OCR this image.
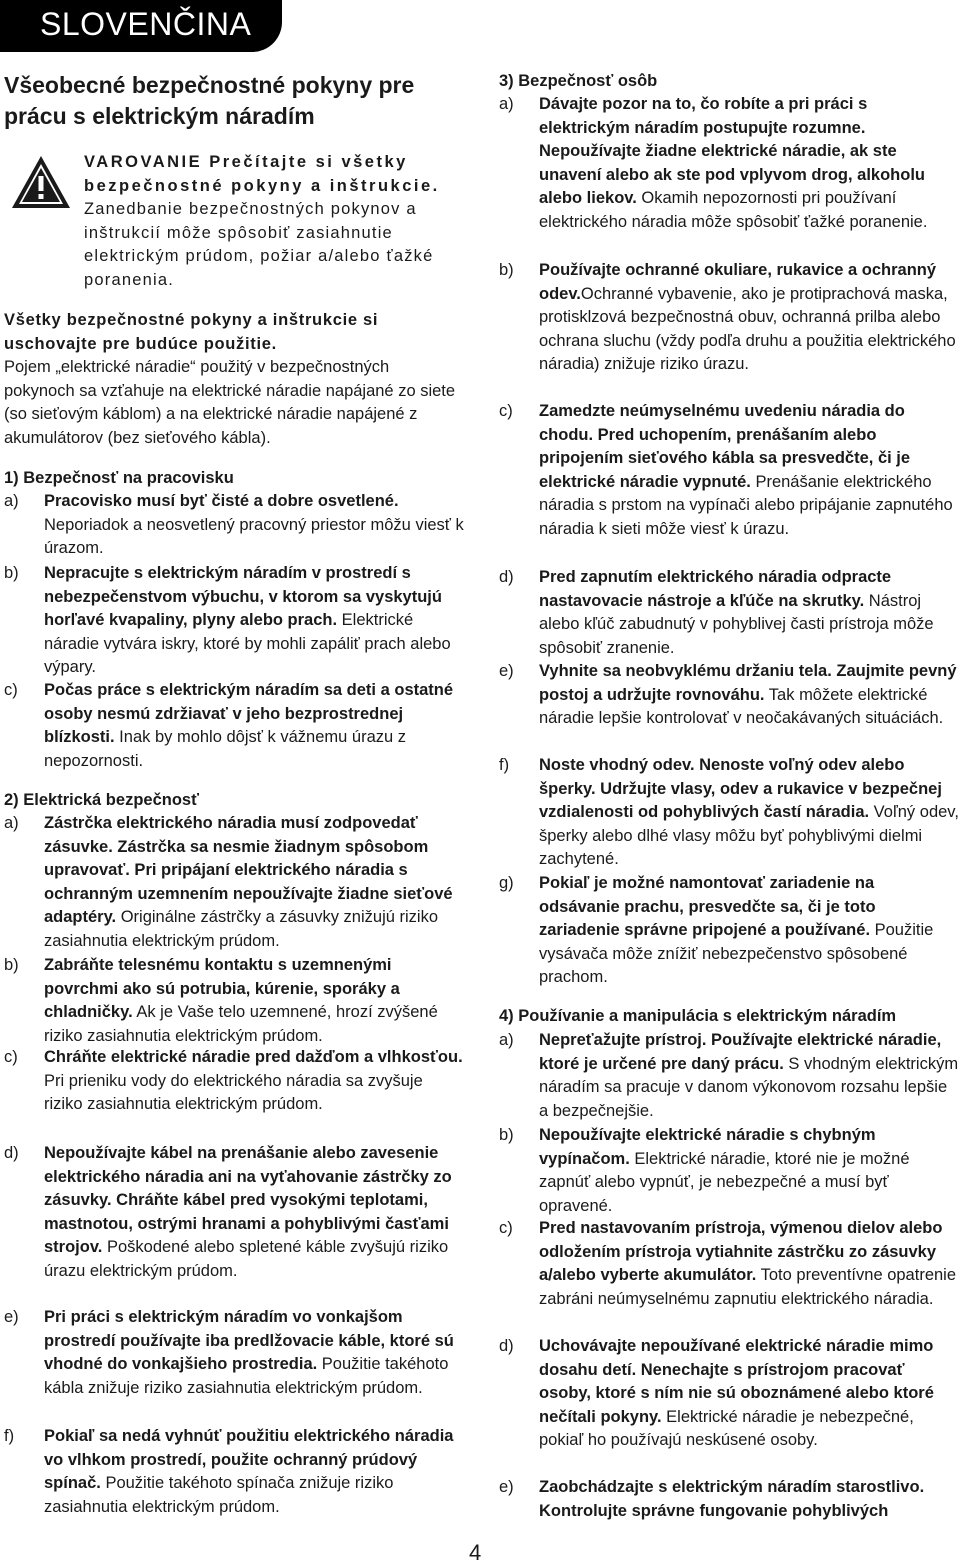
SLOVENČINA
Všeobecné bezpečnostné pokyny pre prácu s elektrickým náradím
VAROVANIE Prečítajte si všetky bezpečnostné pokyny a inštrukcie. Zanedbanie bezpečnostných pokynov a inštrukcií môže spôsobiť zasiahnutie elektrickým prúdom, požiar a/alebo ťažké poranenia.
Všetky bezpečnostné pokyny a inštrukcie si uschovajte pre budúce použitie.
Pojem „elektrické náradie“ použitý v bezpečnostných pokynoch sa vzťahuje na elektrické náradie napájané zo siete (so sieťovým káblom) a na elektrické náradie napájené z akumulátorov (bez sieťového kábla).
1) Bezpečnosť na pracovisku
a)	Pracovisko musí byť čisté a dobre osvetlené. Neporiadok a neosvetlený pracovný priestor môžu viesť k úrazom.
b)	Nepracujte s elektrickým náradím v prostredí s nebezpečenstvom výbuchu, v ktorom sa vyskytujú horľavé kvapaliny, plyny alebo prach. Elektrické náradie vytvára iskry, ktoré by mohli zapáliť prach alebo výpary.
c)	Počas práce s elektrickým náradím sa deti a ostatné osoby nesmú zdržiavať v jeho bezprostrednej blízkosti. Inak by mohlo dôjsť k vážnemu úrazu z nepozornosti.
2) Elektrická bezpečnosť
a)	Zástrčka elektrického náradia musí zodpovedať zásuvke. Zástrčka sa nesmie žiadnym spôsobom upravovať. Pri pripájaní elektrického náradia s ochranným uzemnením nepoužívajte žiadne sieťové adaptéry. Originálne zástrčky a zásuvky znižujú riziko zasiahnutia elektrickým prúdom.
b)	Zabráňte telesnému kontaktu s uzemnenými povrchmi ako sú potrubia, kúrenie, sporáky a chladničky. Ak je Vaše telo uzemnené, hrozí zvýšené riziko zasiahnutia elektrickým prúdom.
c)	Chráňte elektrické náradie pred dažďom a vlhkosťou. Pri prieniku vody do elektrického náradia sa zvyšuje riziko zasiahnutia elektrickým prúdom.
d)	Nepoužívajte kábel na prenášanie alebo zavesenie elektrického náradia ani na vyťahovanie zástrčky zo zásuvky. Chráňte kábel pred vysokými teplotami, mastnotou, ostrými hranami a pohyblivými časťami strojov. Poškodené alebo spletené káble zvyšujú riziko úrazu elektrickým prúdom.
e)	Pri práci s elektrickým náradím vo vonkajšom prostredí používajte iba predlžovacie káble, ktoré sú vhodné do vonkajšieho prostredia. Použitie takéhoto kábla znižuje riziko zasiahnutia elektrickým prúdom.
f)	Pokiaľ sa nedá vyhnúť použitiu elektrického náradia vo vlhkom prostredí, použite ochranný prúdový spínač. Použitie takéhoto spínača znižuje riziko zasiahnutia elektrickým prúdom.
3) Bezpečnosť osôb
a)	Dávajte pozor na to, čo robíte a pri práci s elektrickým náradím postupujte rozumne. Nepoužívajte žiadne elektrické náradie, ak ste unavení alebo ak ste pod vplyvom drog, alkoholu alebo liekov. Okamih nepozornosti pri používaní elektrického náradia môže spôsobiť ťažké poranenie.
b)	Používajte ochranné okuliare, rukavice a ochranný odev.Ochranné vybavenie, ako je protiprachová maska, protisklzová bezpečnostná obuv, ochranná prilba alebo ochrana sluchu (vždy podľa druhu a použitia elektrického náradia) znižuje riziko úrazu.
c)	Zamedzte neúmyselnému uvedeniu náradia do chodu. Pred uchopením, prenášaním alebo pripojením sieťového kábla sa presvedčte, či je elektrické náradie vypnuté. Prenášanie elektrického náradia s prstom na vypínači alebo pripájanie zapnutého náradia k sieti môže viesť k úrazu.
d)	Pred zapnutím elektrického náradia odpracte nastavovacie nástroje a kľúče na skrutky. Nástroj alebo kľúč zabudnutý v pohyblivej časti prístroja môže spôsobiť zranenie.
e)	Vyhnite sa neobvyklému držaniu tela. Zaujmite pevný postoj a udržujte rovnováhu. Tak môžete elektrické náradie lepšie kontrolovať v neočakávaných situáciách.
f)	Noste vhodný odev. Nenoste voľný odev alebo šperky. Udržujte vlasy, odev a rukavice v bezpečnej vzdialenosti od pohyblivých častí náradia. Voľný odev, šperky alebo dlhé vlasy môžu byť pohyblivými dielmi zachytené.
g)	Pokiaľ je možné namontovať zariadenie na odsávanie prachu, presvedčte sa, či je toto zariadenie správne pripojené a používané. Použitie vysávača môže znížiť nebezpečenstvo spôsobené prachom.
4) Používanie a manipulácia s elektrickým náradím
a)	Nepreťažujte prístroj. Používajte elektrické náradie, ktoré je určené pre daný prácu. S vhodným elektrickým náradím sa pracuje v danom výkonovom rozsahu lepšie a bezpečnejšie.
b)	Nepoužívajte elektrické náradie s chybným vypínačom. Elektrické náradie, ktoré nie je možné zapnúť alebo vypnúť, je nebezpečné a musí byť opravené.
c)	Pred nastavovaním prístroja, výmenou dielov alebo odložením prístroja vytiahnite zástrčku zo zásuvky a/alebo vyberte akumulátor. Toto preventívne opatrenie zabráni neúmyselnému zapnutiu elektrického náradia.
d)	Uchovávajte nepoužívané elektrické náradie mimo dosahu detí. Nenechajte s prístrojom pracovať osoby, ktoré s ním nie sú oboznámené alebo ktoré nečítali pokyny. Elektrické náradie je nebezpečné, pokiaľ ho používajú neskúsené osoby.
e)	Zaobchádzajte s elektrickým náradím starostlivo. Kontrolujte správne fungovanie pohyblivých
4
